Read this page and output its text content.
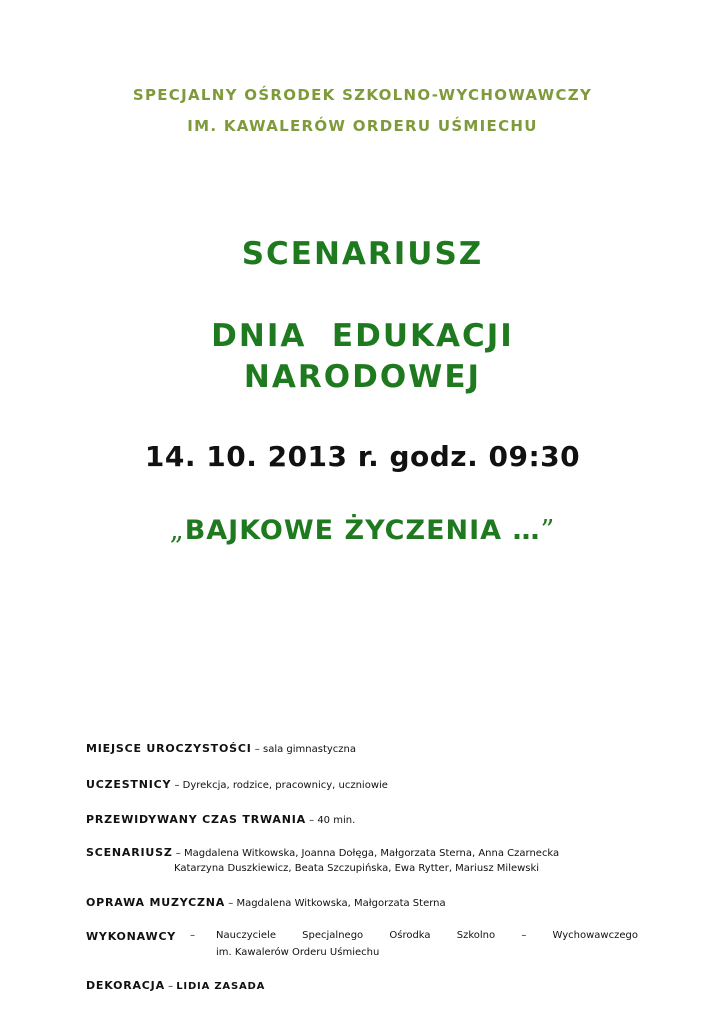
SPECJALNY OŚRODEK SZKOLNO-WYCHOWAWCZY
IM. KAWALERÓW ORDERU UŚMIECHU
SCENARIUSZ
DNIA  EDUKACJI
NARODOWEJ
14. 10. 2013 r. godz. 09:30
„BAJKOWE ŻYCZENIA …”
MIEJSCE UROCZYSTOŚCI – sala gimnastyczna
UCZESTNICY – Dyrekcja, rodzice, pracownicy, uczniowie
PRZEWIDYWANY CZAS TRWANIA – 40 min.
SCENARIUSZ – Magdalena Witkowska, Joanna Dołęga, Małgorzata Sterna, Anna Czarnecka
Katarzyna Duszkiewicz, Beata Szczupińska, Ewa Rytter, Mariusz Milewski
OPRAWA MUZYCZNA – Magdalena Witkowska, Małgorzata Sterna
WYKONAWCY – Nauczyciele	Specjalnego	Ośrodka	Szkolno	–	Wychowawczego
im. Kawalerów Orderu Uśmiechu
DEKORACJA – LIDIA ZASADA
